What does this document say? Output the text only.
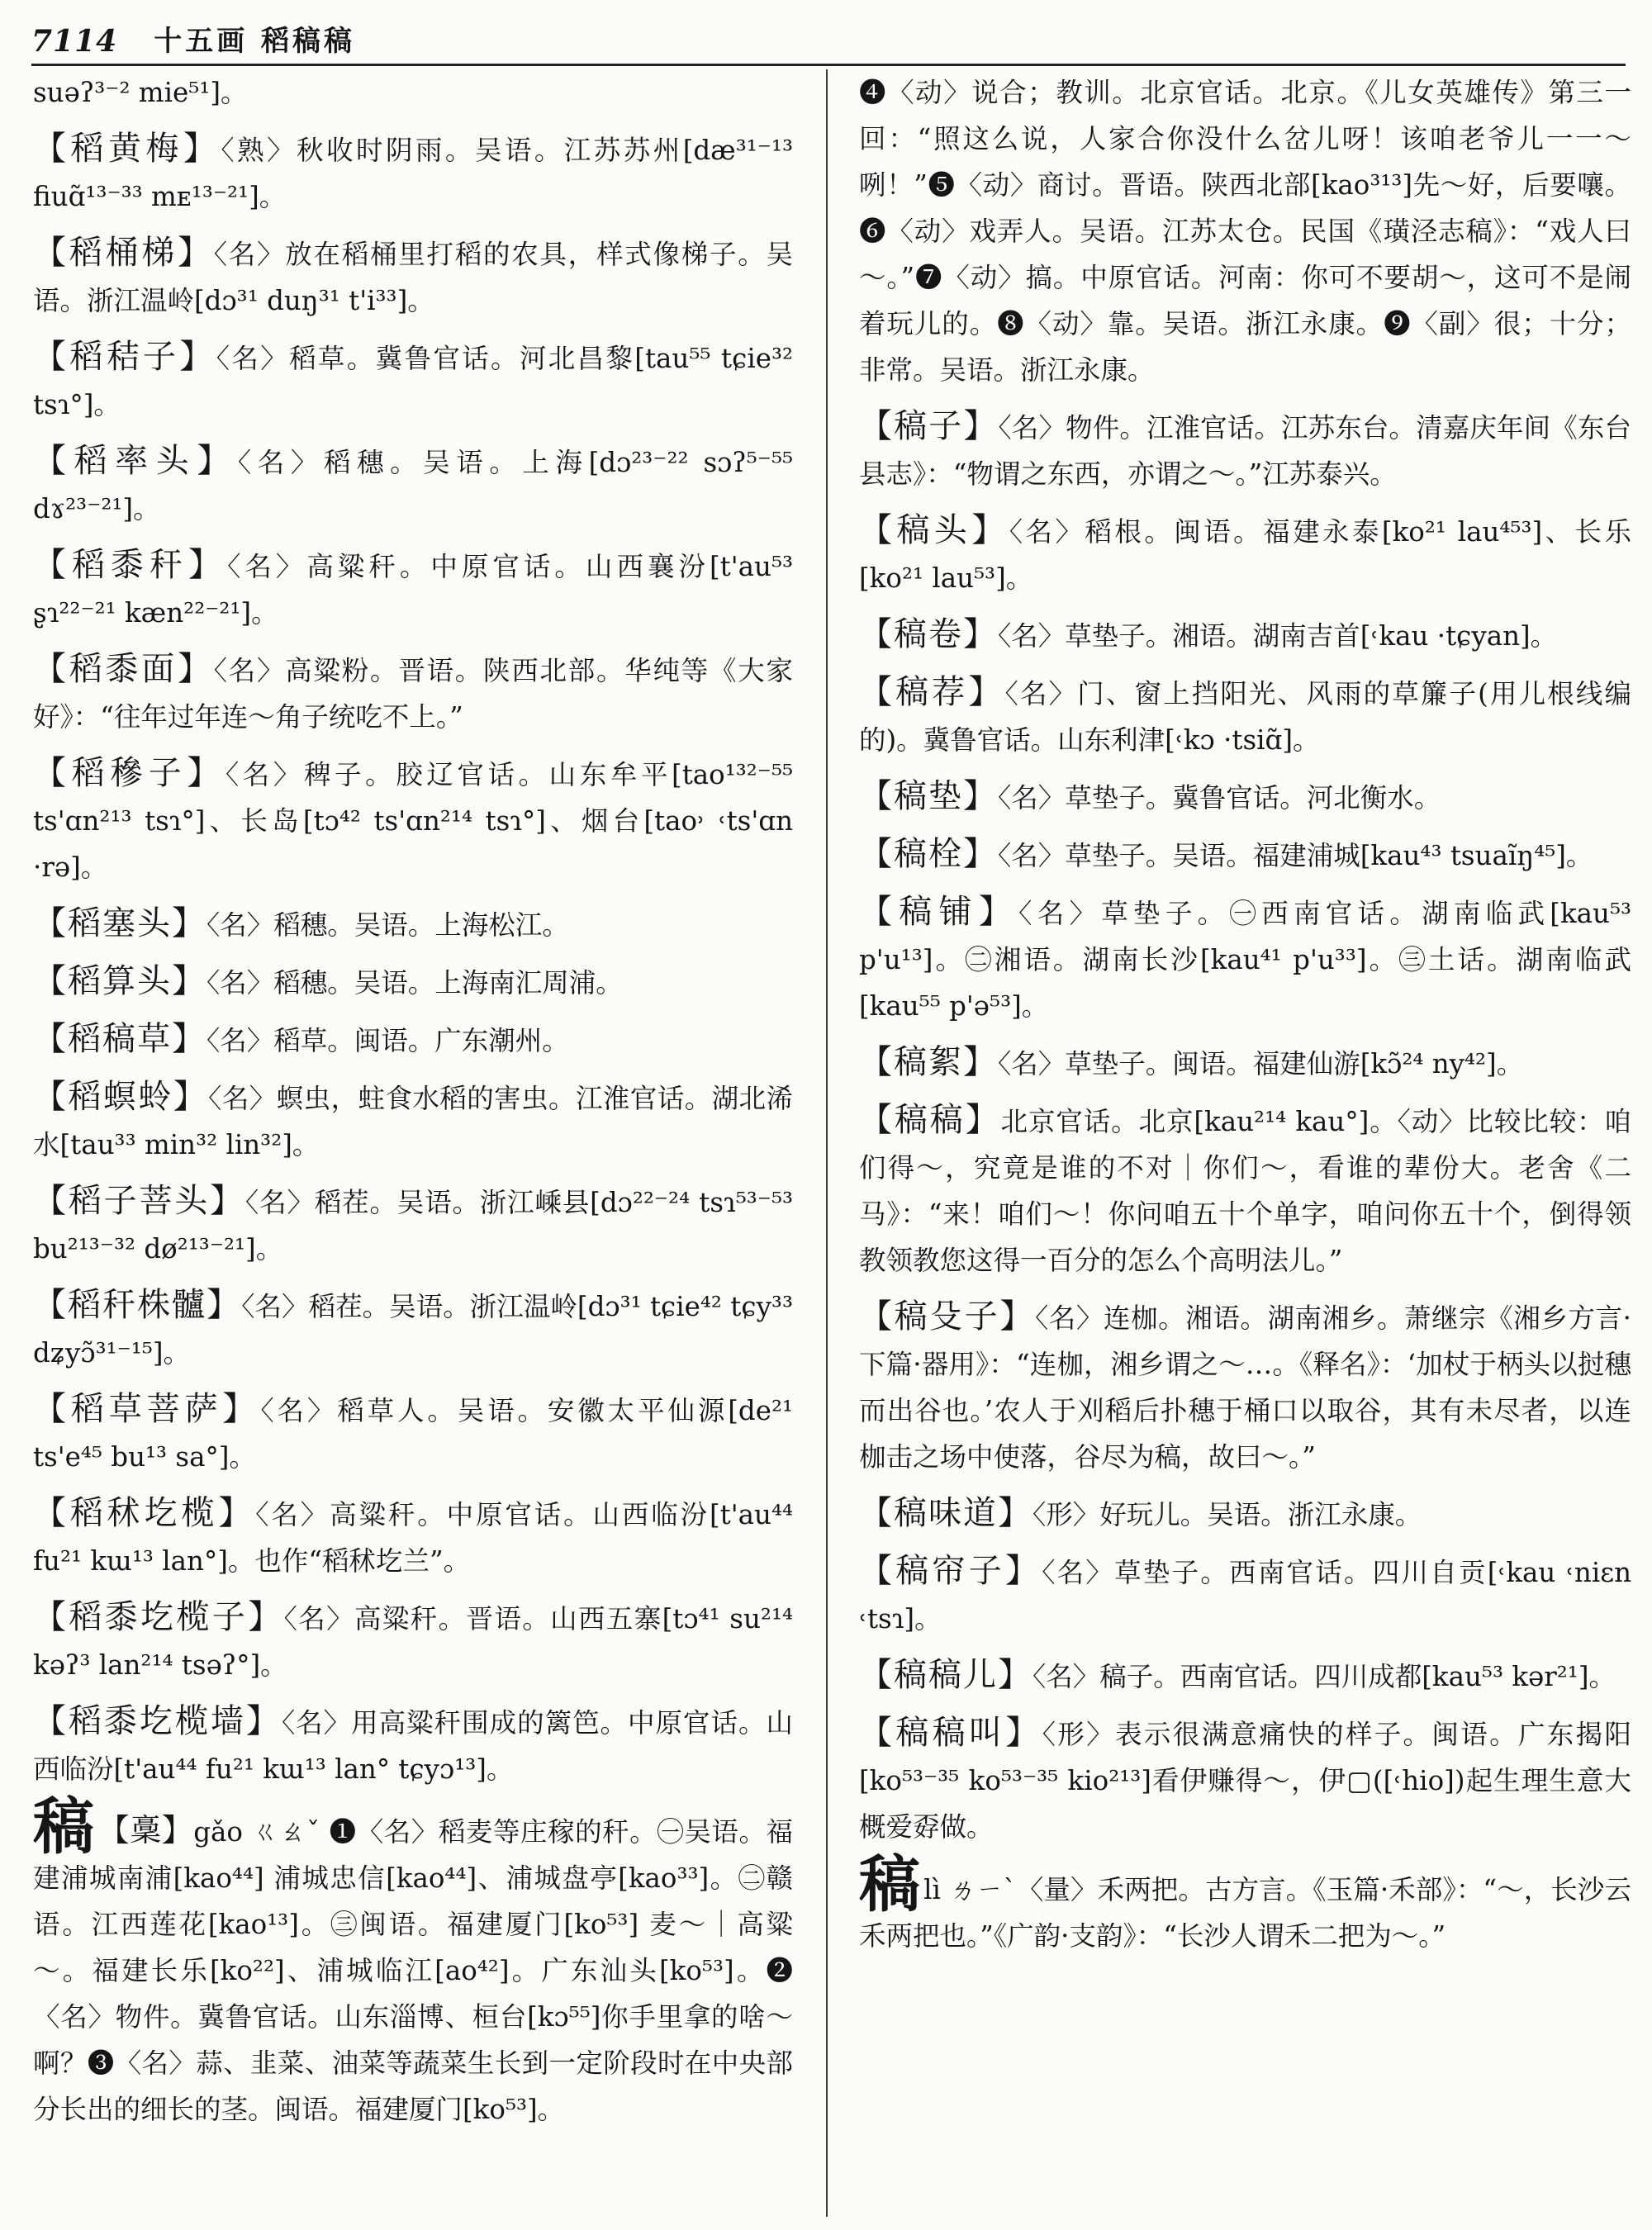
7114 十五画 稻稿稿

suəʔ³⁻² mie⁵¹]。

【稻黄梅】〈熟〉秋收时阴雨。吴语。江苏苏州[dæ³¹⁻¹³ fiuɑ̃¹³⁻³³ mᴇ¹³⁻²¹]。

【稻桶梯】〈名〉放在稻桶里打稻的农具，样式像梯子。吴语。浙江温岭[dɔ³¹ duŋ³¹ t'i³³]。

【稻秸子】〈名〉稻草。冀鲁官话。河北昌黎[tau⁵⁵ tɕie³² tsɿ°]。

【稻率头】〈名〉稻穗。吴语。上海[dɔ²³⁻²² sɔʔ⁵⁻⁵⁵ dɤ²³⁻²¹]。

【稻黍秆】〈名〉高粱秆。中原官话。山西襄汾[t'au⁵³ ʂɿ²²⁻²¹ kæn²²⁻²¹]。

【稻黍面】〈名〉高粱粉。晋语。陕西北部。华纯等《大家好》：“往年过年连～角子统吃不上。”

【稻穇子】〈名〉稗子。胶辽官话。山东牟平[tao¹³²⁻⁵⁵ ts'ɑn²¹³ tsɿ°]、长岛[tɔ⁴² ts'ɑn²¹⁴ tsɿ°]、烟台[tao˒ ˓ts'ɑn ·rə]。

【稻塞头】〈名〉稻穗。吴语。上海松江。

【稻算头】〈名〉稻穗。吴语。上海南汇周浦。

【稻稿草】〈名〉稻草。闽语。广东潮州。

【稻螟蛉】〈名〉螟虫，蛀食水稻的害虫。江淮官话。湖北浠水[tau³³ min³² lin³²]。

【稻子菩头】〈名〉稻茬。吴语。浙江嵊县[dɔ²²⁻²⁴ tsɿ⁵³⁻⁵³ bu²¹³⁻³² dø²¹³⁻²¹]。

【稻秆株髗】〈名〉稻茬。吴语。浙江温岭[dɔ³¹ tɕie⁴² tɕy³³ dʑyɔ̃³¹⁻¹⁵]。

【稻草菩萨】〈名〉稻草人。吴语。安徽太平仙源[de²¹ ts'e⁴⁵ bu¹³ sa°]。

【稻秫圪榄】〈名〉高粱秆。中原官话。山西临汾[t'au⁴⁴ fu²¹ kɯ¹³ lan°]。也作“稻秫圪兰”。

【稻黍圪榄子】〈名〉高粱秆。晋语。山西五寨[tɔ⁴¹ su²¹⁴ kəʔ³ lan²¹⁴ tsəʔ°]。

【稻黍圪榄墙】〈名〉用高粱秆围成的篱笆。中原官话。山西临汾[t'au⁴⁴ fu²¹ kɯ¹³ lan° tɕyɔ¹³]。

稿 【稾】gǎo ㄍㄠˇ ❶〈名〉稻麦等庄稼的秆。㊀吴语。福建浦城南浦[kao⁴⁴] 浦城忠信[kao⁴⁴]、浦城盘亭[kao³³]。㊁赣语。江西莲花[kao¹³]。㊂闽语。福建厦门[ko⁵³] 麦～｜高粱～。福建长乐[ko²²]、浦城临江[ao⁴²]。广东汕头[ko⁵³]。❷〈名〉物件。冀鲁官话。山东淄博、桓台[kɔ⁵⁵]你手里拿的啥～啊？❸〈名〉蒜、韭菜、油菜等蔬菜生长到一定阶段时在中央部分长出的细长的茎。闽语。福建厦门[ko⁵³]。

❹〈动〉说合；教训。北京官话。北京。《儿女英雄传》第三一回：“照这么说，人家合你没什么岔儿呀！该咱老爷儿一一～咧！”❺〈动〉商讨。晋语。陕西北部[kao³¹³]先～好，后要嚷。❻〈动〉戏弄人。吴语。江苏太仓。民国《璜泾志稿》：“戏人曰～。”❼〈动〉搞。中原官话。河南：你可不要胡～，这可不是闹着玩儿的。❽〈动〉靠。吴语。浙江永康。❾〈副〉很；十分；非常。吴语。浙江永康。

【稿子】〈名〉物件。江淮官话。江苏东台。清嘉庆年间《东台县志》：“物谓之东西，亦谓之～。”江苏泰兴。

【稿头】〈名〉稻根。闽语。福建永泰[ko²¹ lau⁴⁵³]、长乐[ko²¹ lau⁵³]。

【稿卷】〈名〉草垫子。湘语。湖南吉首[˓kau ·tɕyan]。

【稿荐】〈名〉门、窗上挡阳光、风雨的草簾子(用儿根线编的)。冀鲁官话。山东利津[˓kɔ ·tsiɑ̃]。

【稿垫】〈名〉草垫子。冀鲁官话。河北衡水。

【稿栓】〈名〉草垫子。吴语。福建浦城[kau⁴³ tsuaĩŋ⁴⁵]。

【稿铺】〈名〉草垫子。㊀西南官话。湖南临武[kau⁵³ p'u¹³]。㊁湘语。湖南长沙[kau⁴¹ p'u³³]。㊂土话。湖南临武[kau⁵⁵ p'ə⁵³]。

【稿絮】〈名〉草垫子。闽语。福建仙游[kɔ̃²⁴ ny⁴²]。

【稿稿】北京官话。北京[kau²¹⁴ kau°]。〈动〉比较比较：咱们得～，究竟是谁的不对｜你们～，看谁的辈份大。老舍《二马》：“来！咱们～！你问咱五十个单字，咱问你五十个，倒得领教领教您这得一百分的怎么个高明法儿。”

【稿殳子】〈名〉连枷。湘语。湖南湘乡。萧继宗《湘乡方言·下篇·器用》：“连枷，湘乡谓之～…。《释名》：‘加杖于柄头以挝穗而出谷也。’农人于刈稻后扑穗于桶口以取谷，其有未尽者，以连枷击之场中使落，谷尽为稿，故曰～。”

【稿味道】〈形〉好玩儿。吴语。浙江永康。

【稿帘子】〈名〉草垫子。西南官话。四川自贡[˓kau ˓niɛn ˓tsɿ]。

【稿稿儿】〈名〉稿子。西南官话。四川成都[kau⁵³ kər²¹]。

【稿稿叫】〈形〉表示很满意痛快的样子。闽语。广东揭阳[ko⁵³⁻³⁵ ko⁵³⁻³⁵ kio²¹³]看伊赚得～，伊▢([˓hio])起生理生意大概爱孬做。

稿lì ㄌㄧˋ〈量〉禾两把。古方言。《玉篇·禾部》：“～，长沙云禾两把也。”《广韵·支韵》：“长沙人谓禾二把为～。”
